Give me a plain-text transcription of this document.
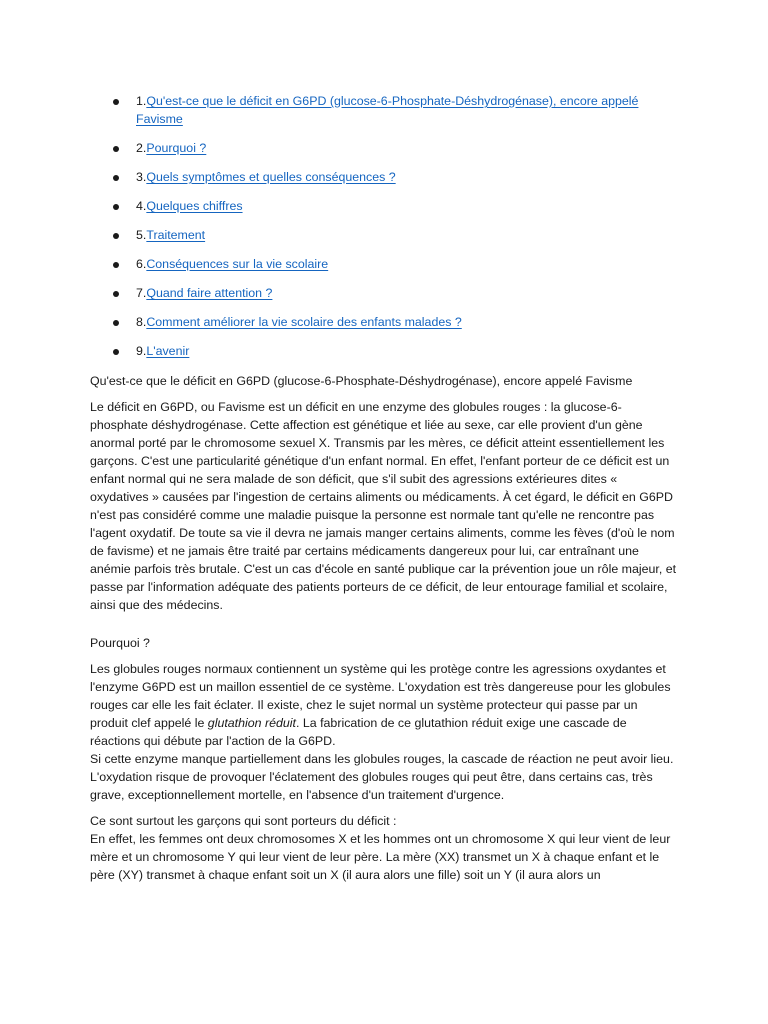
1.Qu'est-ce que le déficit en G6PD (glucose-6-Phosphate-Déshydrogénase), encore appelé Favisme
2.Pourquoi ?
3.Quels symptômes et quelles conséquences ?
4.Quelques chiffres
5.Traitement
6.Conséquences sur la vie scolaire
7.Quand faire attention ?
8.Comment améliorer la vie scolaire des enfants malades ?
9.L'avenir

Qu'est-ce que le déficit en G6PD (glucose-6-Phosphate-Déshydrogénase), encore appelé Favisme

Le déficit en G6PD, ou Favisme est un déficit en une enzyme des globules rouges : la glucose-6-phosphate déshydrogénase. Cette affection est génétique et liée au sexe, car elle provient d'un gène anormal porté par le chromosome sexuel X. Transmis par les mères, ce déficit atteint essentiellement les garçons. C'est une particularité génétique d'un enfant normal. En effet, l'enfant porteur de ce déficit est un enfant normal qui ne sera malade de son déficit, que s'il subit des agressions extérieures dites « oxydatives » causées par l'ingestion de certains aliments ou médicaments. À cet égard, le déficit en G6PD n'est pas considéré comme une maladie puisque la personne est normale tant qu'elle ne rencontre pas l'agent oxydatif. De toute sa vie il devra ne jamais manger certains aliments, comme les fèves (d'où le nom de favisme) et ne jamais être traité par certains médicaments dangereux pour lui, car entraînant une anémie parfois très brutale. C'est un cas d'école en santé publique car la prévention joue un rôle majeur, et passe par l'information adéquate des patients porteurs de ce déficit, de leur entourage familial et scolaire, ainsi que des médecins.

Pourquoi ?

Les globules rouges normaux contiennent un système qui les protège contre les agressions oxydantes et l'enzyme G6PD est un maillon essentiel de ce système. L'oxydation est très dangereuse pour les globules rouges car elle les fait éclater. Il existe, chez le sujet normal un système protecteur qui passe par un produit clef appelé le glutathion réduit. La fabrication de ce glutathion réduit exige une cascade de réactions qui débute par l'action de la G6PD.
Si cette enzyme manque partiellement dans les globules rouges, la cascade de réaction ne peut avoir lieu. L'oxydation risque de provoquer l'éclatement des globules rouges qui peut être, dans certains cas, très grave, exceptionnellement mortelle, en l'absence d'un traitement d'urgence.

Ce sont surtout les garçons qui sont porteurs du déficit :
En effet, les femmes ont deux chromosomes X et les hommes ont un chromosome X qui leur vient de leur mère et un chromosome Y qui leur vient de leur père. La mère (XX) transmet un X à chaque enfant et le père (XY) transmet à chaque enfant soit un X (il aura alors une fille) soit un Y (il aura alors un
